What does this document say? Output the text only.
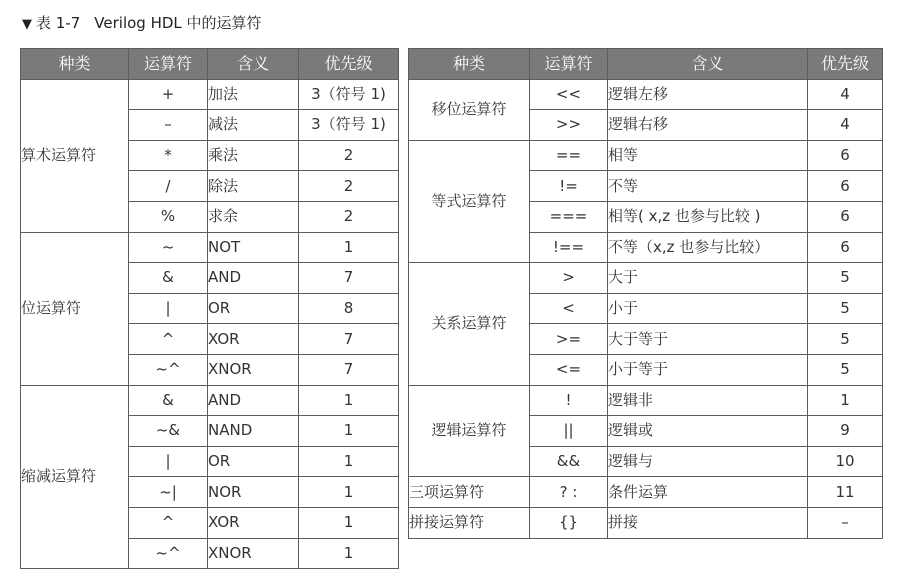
▼ 表 1-7 Verilog HDL 中的运算符
种类	运算符	含义	优先级
算术运算符	+	加法	3（符号 1)
	–	减法	3（符号 1)
	*	乘法	2
	/	除法	2
	%	求余	2
位运算符	~	NOT	1
	&	AND	7
	|	OR	8
	^	XOR	7
	~^	XNOR	7
缩减运算符	&	AND	1
	~&	NAND	1
	|	OR	1
	~|	NOR	1
	^	XOR	1
	~^	XNOR	1
种类	运算符	含义	优先级
移位运算符	<<	逻辑左移	4
	>>	逻辑右移	4
等式运算符	==	相等	6
	!=	不等	6
	===	相等( x,z 也参与比较 )	6
	!==	不等（x,z 也参与比较）	6
关系运算符	>	大于	5
	<	小于	5
	>=	大于等于	5
	<=	小于等于	5
逻辑运算符	!	逻辑非	1
	||	逻辑或	9
	&&	逻辑与	10
三项运算符	? :	条件运算	11
拼接运算符	{}	拼接	–
